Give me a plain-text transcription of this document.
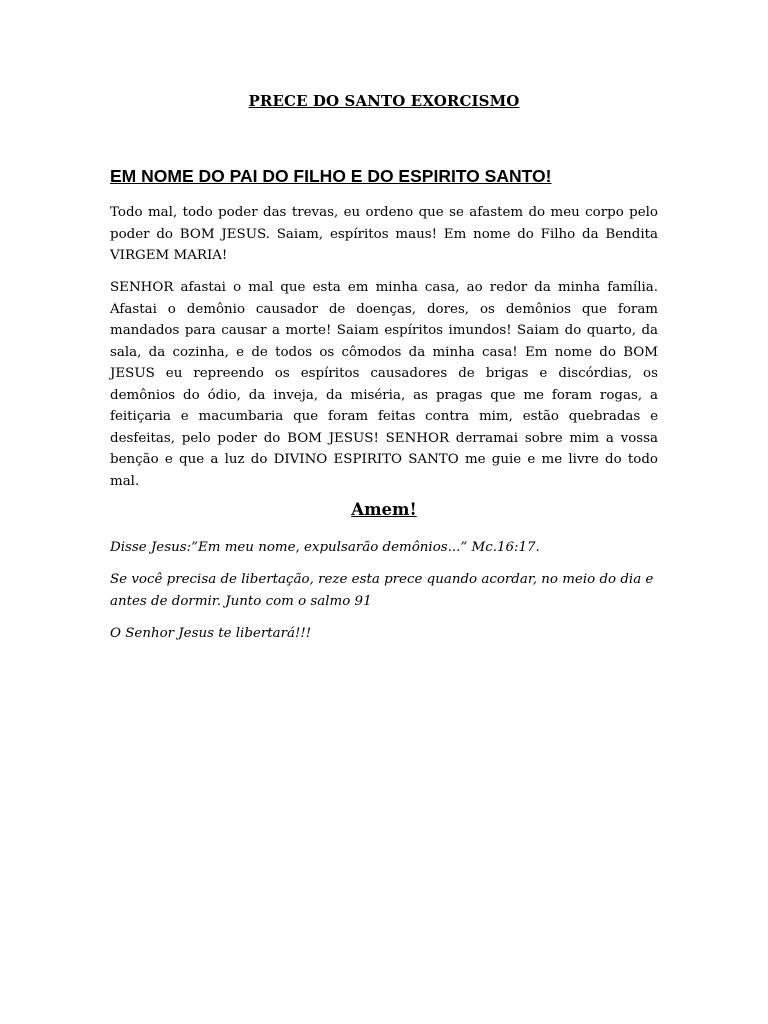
PRECE DO SANTO EXORCISMO
EM NOME DO PAI DO FILHO E DO ESPIRITO SANTO!

Todo mal, todo poder das trevas, eu ordeno que se afastem do meu corpo pelo poder do BOM JESUS. Saiam, espíritos maus! Em nome do Filho da Bendita VIRGEM MARIA!

SENHOR afastai o mal que esta em minha casa, ao redor da minha família. Afastai o demônio causador de doenças, dores, os demônios que foram mandados para causar a morte! Saiam espíritos imundos! Saiam do quarto, da sala, da cozinha, e de todos os cômodos da minha casa! Em nome do BOM JESUS eu repreendo os espíritos causadores de brigas e discórdias, os demônios do ódio, da inveja, da miséria, as pragas que me foram rogas, a feitiçaria e macumbaria que foram feitas contra mim, estão quebradas e desfeitas, pelo poder do BOM JESUS! SENHOR derramai sobre mim a vossa benção e que a luz do DIVINO ESPIRITO SANTO me guie e me livre do todo mal.

Amem!

Disse Jesus:”Em meu nome, expulsarão demônios...” Mc.16:17.

Se você precisa de libertação, reze esta prece quando acordar, no meio do dia e antes de dormir. Junto com o salmo 91

O Senhor Jesus te libertará!!!
